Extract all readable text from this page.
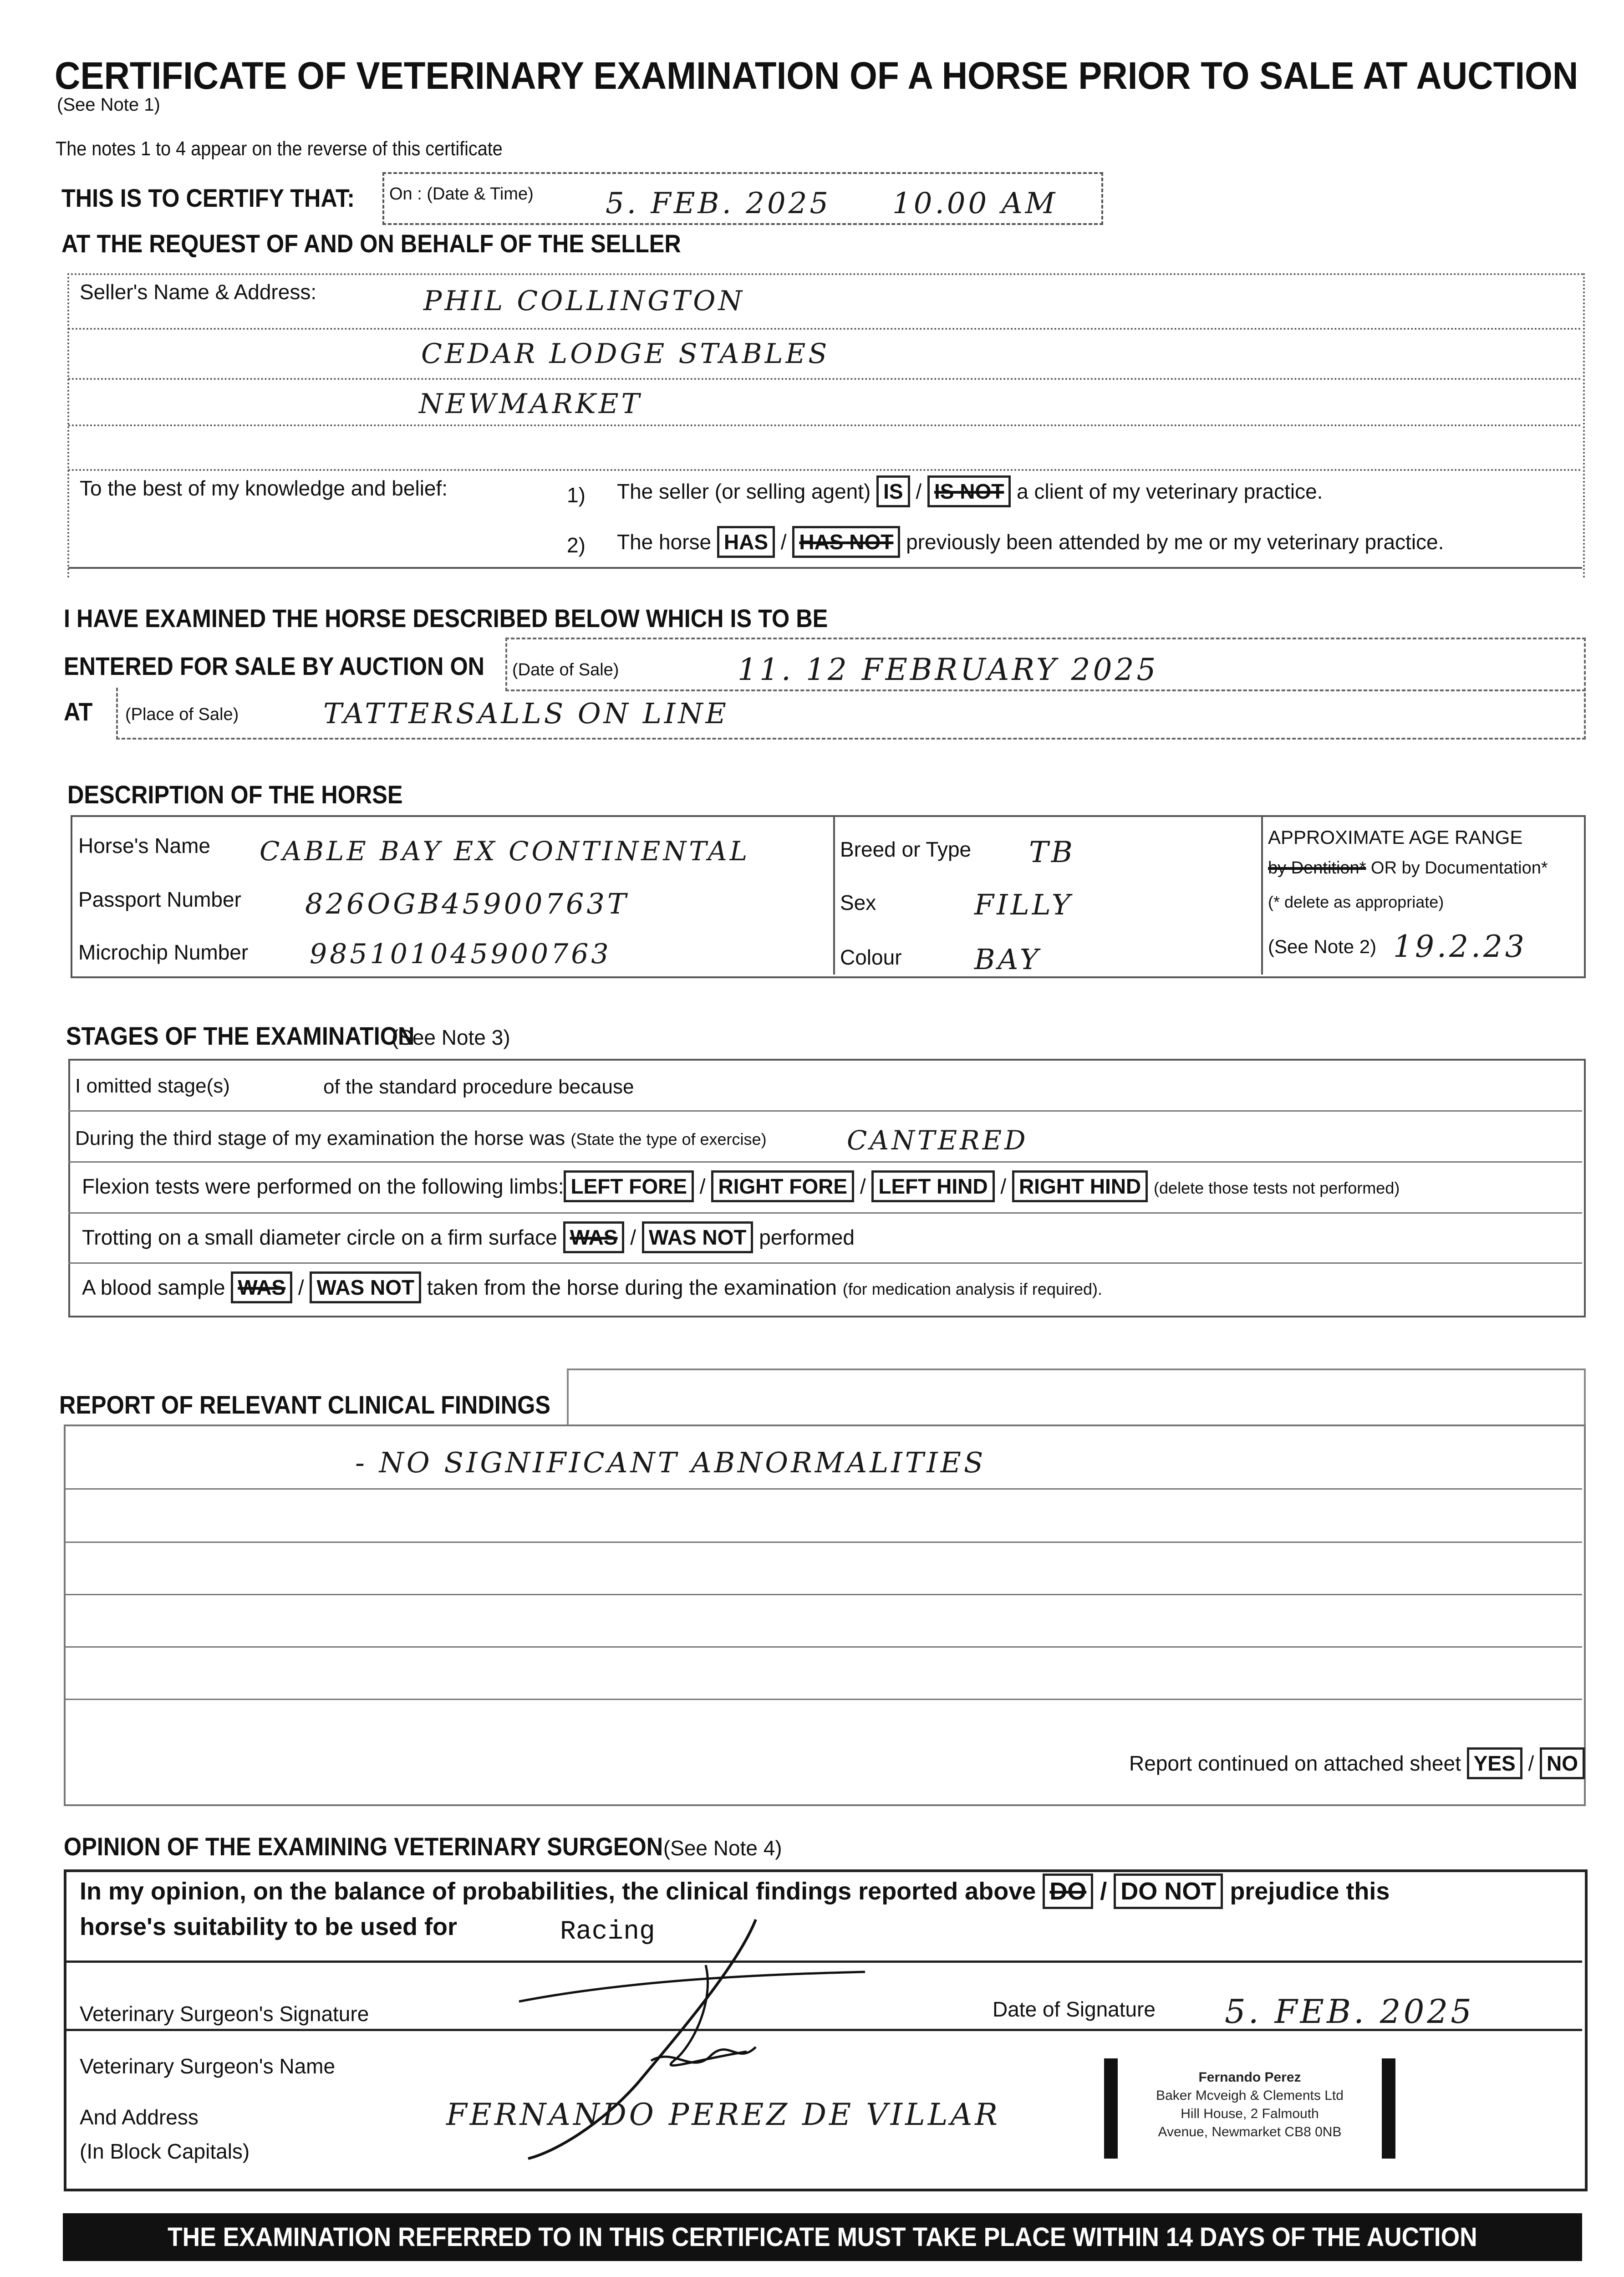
CERTIFICATE OF VETERINARY EXAMINATION OF A HORSE PRIOR TO SALE AT AUCTION
(See Note 1)
The notes 1 to 4 appear on the reverse of this certificate
THIS IS TO CERTIFY THAT: On : (Date & Time) 5. FEB. 2025 10.00 AM
AT THE REQUEST OF AND ON BEHALF OF THE SELLER
Seller's Name & Address:	PHIL COLLINGTON
CEDAR LODGE STABLES
NEWMARKET
To the best of my knowledge and belief:	1) The seller (or selling agent) IS / IS NOT a client of my veterinary practice.
2) The horse HAS / HAS NOT previously been attended by me or my veterinary practice.
I HAVE EXAMINED THE HORSE DESCRIBED BELOW WHICH IS TO BE
ENTERED FOR SALE BY AUCTION ON (Date of Sale)	11. 12 FEBRUARY 2025
AT (Place of Sale)	TATTERSALLS ON LINE
DESCRIPTION OF THE HORSE
Horse's Name CABLE BAY EX CONTINENTAL
Passport Number 826OGB45900763T
Microchip Number 985101045900763
Breed or Type TB
Sex	FILLY
Colour	BAY
APPROXIMATE AGE RANGE
by Dentition* OR by Documentation*
(* delete as appropriate)
(See Note 2) 19.2.23
STAGES OF THE EXAMINATION (See Note 3)
I omitted stage(s)	of the standard procedure because
During the third stage of my examination the horse was (State the type of exercise)	CANTERED
Flexion tests were performed on the following limbs: LEFT FORE / RIGHT FORE / LEFT HIND / RIGHT HIND (delete those tests not performed)
Trotting on a small diameter circle on a firm surface WAS / WAS NOT performed
A blood sample WAS / WAS NOT taken from the horse during the examination (for medication analysis if required).
REPORT OF RELEVANT CLINICAL FINDINGS
- NO SIGNIFICANT ABNORMALITIES
Report continued on attached sheet YES / NO
OPINION OF THE EXAMINING VETERINARY SURGEON (See Note 4)
In my opinion, on the balance of probabilities, the clinical findings reported above DO / DO NOT prejudice this
horse's suitability to be used for	Racing
Veterinary Surgeon's Signature	Date of Signature 5. FEB. 2025
Veterinary Surgeon's Name
And Address
(In Block Capitals)
FERNANDO PEREZ DE VILLAR
Fernando Perez
Baker Mcveigh & Clements Ltd
Hill House, 2 Falmouth
Avenue, Newmarket CB8 0NB
THE EXAMINATION REFERRED TO IN THIS CERTIFICATE MUST TAKE PLACE WITHIN 14 DAYS OF THE AUCTION
